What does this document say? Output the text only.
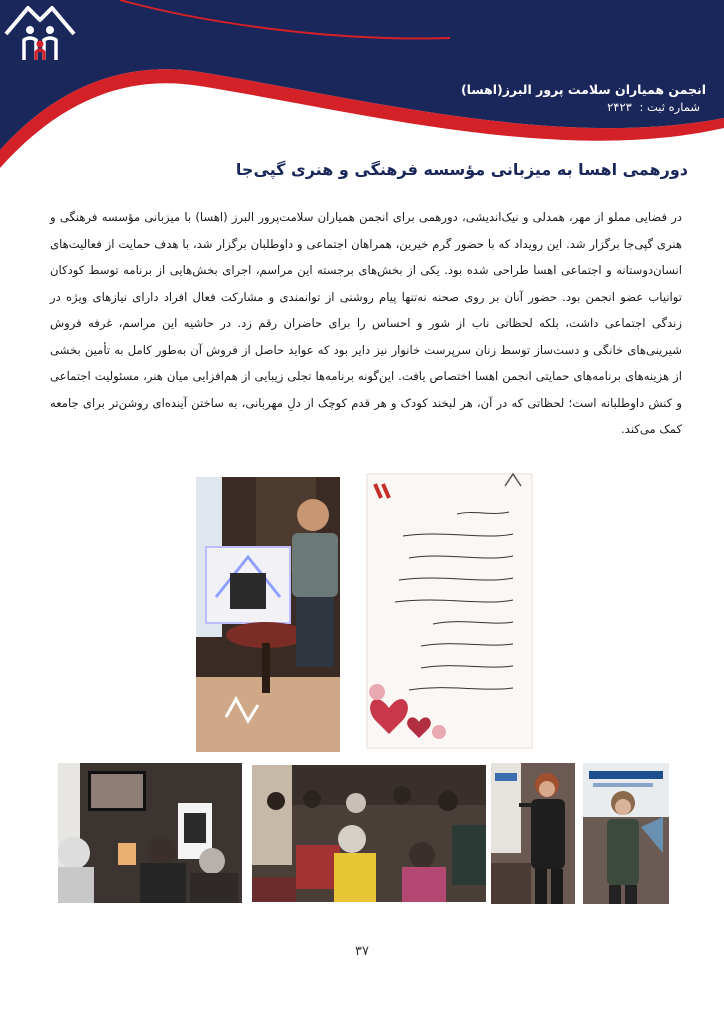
انجمن همیاران سلامت پرور البرز(اهسا)
شماره ثبت : ۲۴۲۳
دورهمی اهسا به میزبانی مؤسسه فرهنگی و هنری گپی‌جا

در فضایی مملو از مهر، همدلی و نیک‌اندیشی، دورهمی برای انجمن همیاران سلامت‌پرور البرز (اهسا) با میزبانی مؤسسه فرهنگی و هنری گپی‌جا برگزار شد. این رویداد که با حضور گرم خیرین، همراهان اجتماعی و داوطلبان برگزار شد، با هدف حمایت از فعالیت‌های انسان‌دوستانه و اجتماعی اهسا طراحی شده بود. یکی از بخش‌های برجسته این مراسم، اجرای بخش‌هایی از برنامه توسط کودکان توانیاب عضو انجمن بود. حضور آنان بر روی صحنه نه‌تنها پیام روشنی از توانمندی و مشارکت فعال افراد دارای نیازهای ویژه در زندگی اجتماعی داشت، بلکه لحظاتی ناب از شور و احساس را برای حاضران رقم زد. در حاشیه این مراسم، غرفه فروش شیرینی‌های خانگی و دست‌ساز توسط زنان سرپرست خانوار نیز دایر بود که عواید حاصل از فروش آن به‌طور کامل به تأمین بخشی از هزینه‌های برنامه‌های حمایتی انجمن اهسا اختصاص یافت. این‌گونه برنامه‌ها تجلی زیبایی از هم‌افزایی میان هنر، مسئولیت اجتماعی و کنش داوطلبانه است؛ لحظاتی که در آن، هر لبخند کودک و هر قدم کوچک از دلِ مهربانی، به ساختن آینده‌ای روشن‌تر برای جامعه کمک می‌کند.

۳۷
